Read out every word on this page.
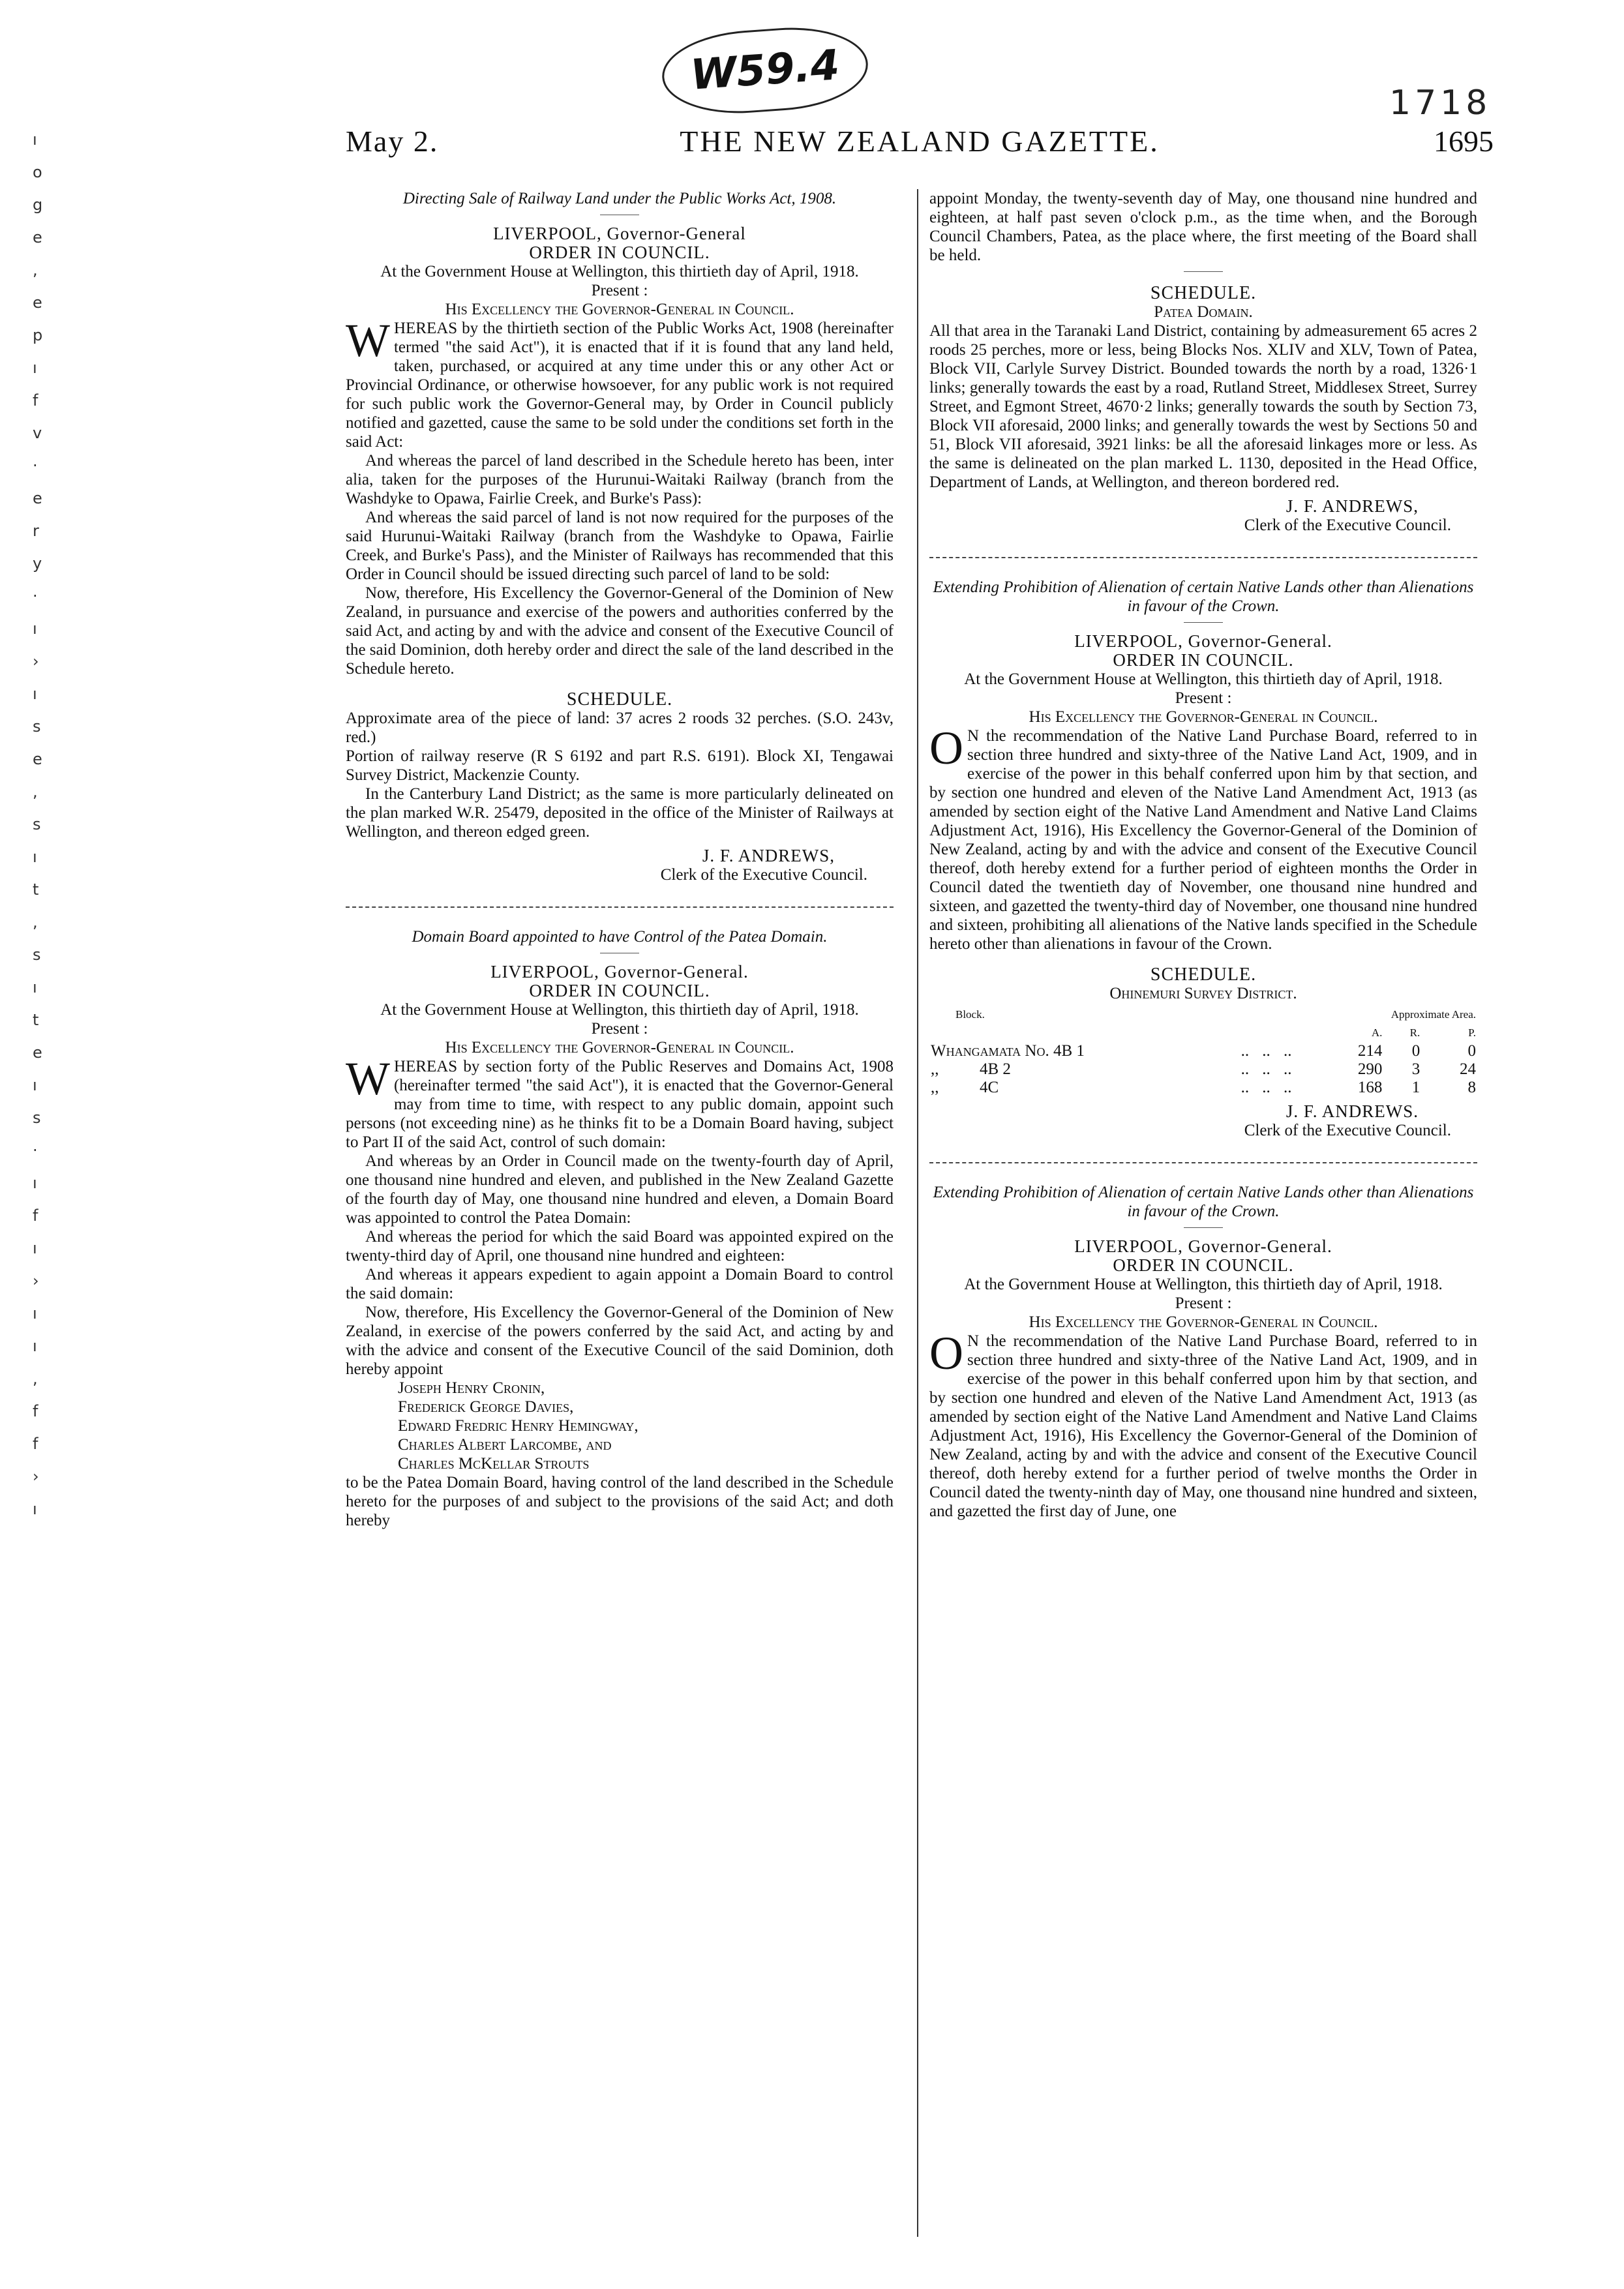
W59.4
1718
ı
o
g
e
,
e
p
ı
f
v
·
e
r
y
·
ı
›
ı
s
e
,
s
ı
t
,
s
ı
t
e
ı
s
·
ı
f
ı
›
ı
ı
,
f
f
›
ı
May 2.	THE NEW ZEALAND GAZETTE.	1695

Directing Sale of Railway Land under the Public Works Act, 1908.

LIVERPOOL, Governor-General

ORDER IN COUNCIL.

At the Government House at Wellington, this thirtieth day of April, 1918.

Present :

His Excellency the Governor-General in Council.

WHEREAS by the thirtieth section of the Public Works Act, 1908 (hereinafter termed "the said Act"), it is enacted that if it is found that any land held, taken, purchased, or acquired at any time under this or any other Act or Provincial Ordinance, or otherwise howsoever, for any public work is not required for such public work the Governor-General may, by Order in Council publicly notified and gazetted, cause the same to be sold under the conditions set forth in the said Act:

And whereas the parcel of land described in the Schedule hereto has been, inter alia, taken for the purposes of the Hurunui-Waitaki Railway (branch from the Washdyke to Opawa, Fairlie Creek, and Burke's Pass):

And whereas the said parcel of land is not now required for the purposes of the said Hurunui-Waitaki Railway (branch from the Washdyke to Opawa, Fairlie Creek, and Burke's Pass), and the Minister of Railways has recommended that this Order in Council should be issued directing such parcel of land to be sold:

Now, therefore, His Excellency the Governor-General of the Dominion of New Zealand, in pursuance and exercise of the powers and authorities conferred by the said Act, and acting by and with the advice and consent of the Executive Council of the said Dominion, doth hereby order and direct the sale of the land described in the Schedule hereto.

SCHEDULE.

Approximate area of the piece of land: 37 acres 2 roods 32 perches. (S.O. 243v, red.)

Portion of railway reserve (R S 6192 and part R.S. 6191). Block XI, Tengawai Survey District, Mackenzie County.

In the Canterbury Land District; as the same is more particularly delineated on the plan marked W.R. 25479, deposited in the office of the Minister of Railways at Wellington, and thereon edged green.

J. F. ANDREWS,

Clerk of the Executive Council.

Domain Board appointed to have Control of the Patea Domain.

LIVERPOOL, Governor-General.

ORDER IN COUNCIL.

At the Government House at Wellington, this thirtieth day of April, 1918.

Present :

His Excellency the Governor-General in Council.

WHEREAS by section forty of the Public Reserves and Domains Act, 1908 (hereinafter termed "the said Act"), it is enacted that the Governor-General may from time to time, with respect to any public domain, appoint such persons (not exceeding nine) as he thinks fit to be a Domain Board having, subject to Part II of the said Act, control of such domain:

And whereas by an Order in Council made on the twenty-fourth day of April, one thousand nine hundred and eleven, and published in the New Zealand Gazette of the fourth day of May, one thousand nine hundred and eleven, a Domain Board was appointed to control the Patea Domain:

And whereas the period for which the said Board was appointed expired on the twenty-third day of April, one thousand nine hundred and eighteen:

And whereas it appears expedient to again appoint a Domain Board to control the said domain:

Now, therefore, His Excellency the Governor-General of the Dominion of New Zealand, in exercise of the powers conferred by the said Act, and acting by and with the advice and consent of the Executive Council of the said Dominion, doth hereby appoint

Joseph Henry Cronin,

Frederick George Davies,

Edward Fredric Henry Hemingway,

Charles Albert Larcombe, and

Charles McKellar Strouts

to be the Patea Domain Board, having control of the land described in the Schedule hereto for the purposes of and subject to the provisions of the said Act; and doth hereby

appoint Monday, the twenty-seventh day of May, one thousand nine hundred and eighteen, at half past seven o'clock p.m., as the time when, and the Borough Council Chambers, Patea, as the place where, the first meeting of the Board shall be held.

SCHEDULE.

Patea Domain.

All that area in the Taranaki Land District, containing by admeasurement 65 acres 2 roods 25 perches, more or less, being Blocks Nos. XLIV and XLV, Town of Patea, Block VII, Carlyle Survey District. Bounded towards the north by a road, 1326·1 links; generally towards the east by a road, Rutland Street, Middlesex Street, Surrey Street, and Egmont Street, 4670·2 links; generally towards the south by Section 73, Block VII aforesaid, 2000 links; and generally towards the west by Sections 50 and 51, Block VII aforesaid, 3921 links: be all the aforesaid linkages more or less. As the same is delineated on the plan marked L. 1130, deposited in the Head Office, Department of Lands, at Wellington, and thereon bordered red.

J. F. ANDREWS,

Clerk of the Executive Council.

Extending Prohibition of Alienation of certain Native Lands other than Alienations in favour of the Crown.

LIVERPOOL, Governor-General.

ORDER IN COUNCIL.

At the Government House at Wellington, this thirtieth day of April, 1918.

Present :

His Excellency the Governor-General in Council.

O N the recommendation of the Native Land Purchase Board, referred to in section three hundred and sixty-three of the Native Land Act, 1909, and in exercise of the power in this behalf conferred upon him by that section, and by section one hundred and eleven of the Native Land Amendment Act, 1913 (as amended by section eight of the Native Land Amendment and Native Land Claims Adjustment Act, 1916), His Excellency the Governor-General of the Dominion of New Zealand, acting by and with the advice and consent of the Executive Council thereof, doth hereby extend for a further period of eighteen months the Order in Council dated the twentieth day of November, one thousand nine hundred and sixteen, and gazetted the twenty-third day of November, one thousand nine hundred and sixteen, prohibiting all alienations of the Native lands specified in the Schedule hereto other than alienations in favour of the Crown.

SCHEDULE.

Ohinemuri Survey District.

Block.				Approximate Area.		
				A.	R.	P.
Whangamata No. 4B 1	..	..	..	214	0	0
,,          4B 2	..	..	..	290	3	24
,,          4C	..	..	..	168	1	8

J. F. ANDREWS.

Clerk of the Executive Council.

Extending Prohibition of Alienation of certain Native Lands other than Alienations in favour of the Crown.

LIVERPOOL, Governor-General.

ORDER IN COUNCIL.

At the Government House at Wellington, this thirtieth day of April, 1918.

Present :

His Excellency the Governor-General in Council.

O N the recommendation of the Native Land Purchase Board, referred to in section three hundred and sixty-three of the Native Land Act, 1909, and in exercise of the power in this behalf conferred upon him by that section, and by section one hundred and eleven of the Native Land Amendment Act, 1913 (as amended by section eight of the Native Land Amendment and Native Land Claims Adjustment Act, 1916), His Excellency the Governor-General of the Dominion of New Zealand, acting by and with the advice and consent of the Executive Council thereof, doth hereby extend for a further period of twelve months the Order in Council dated the twenty-ninth day of May, one thousand nine hundred and sixteen, and gazetted the first day of June, one
